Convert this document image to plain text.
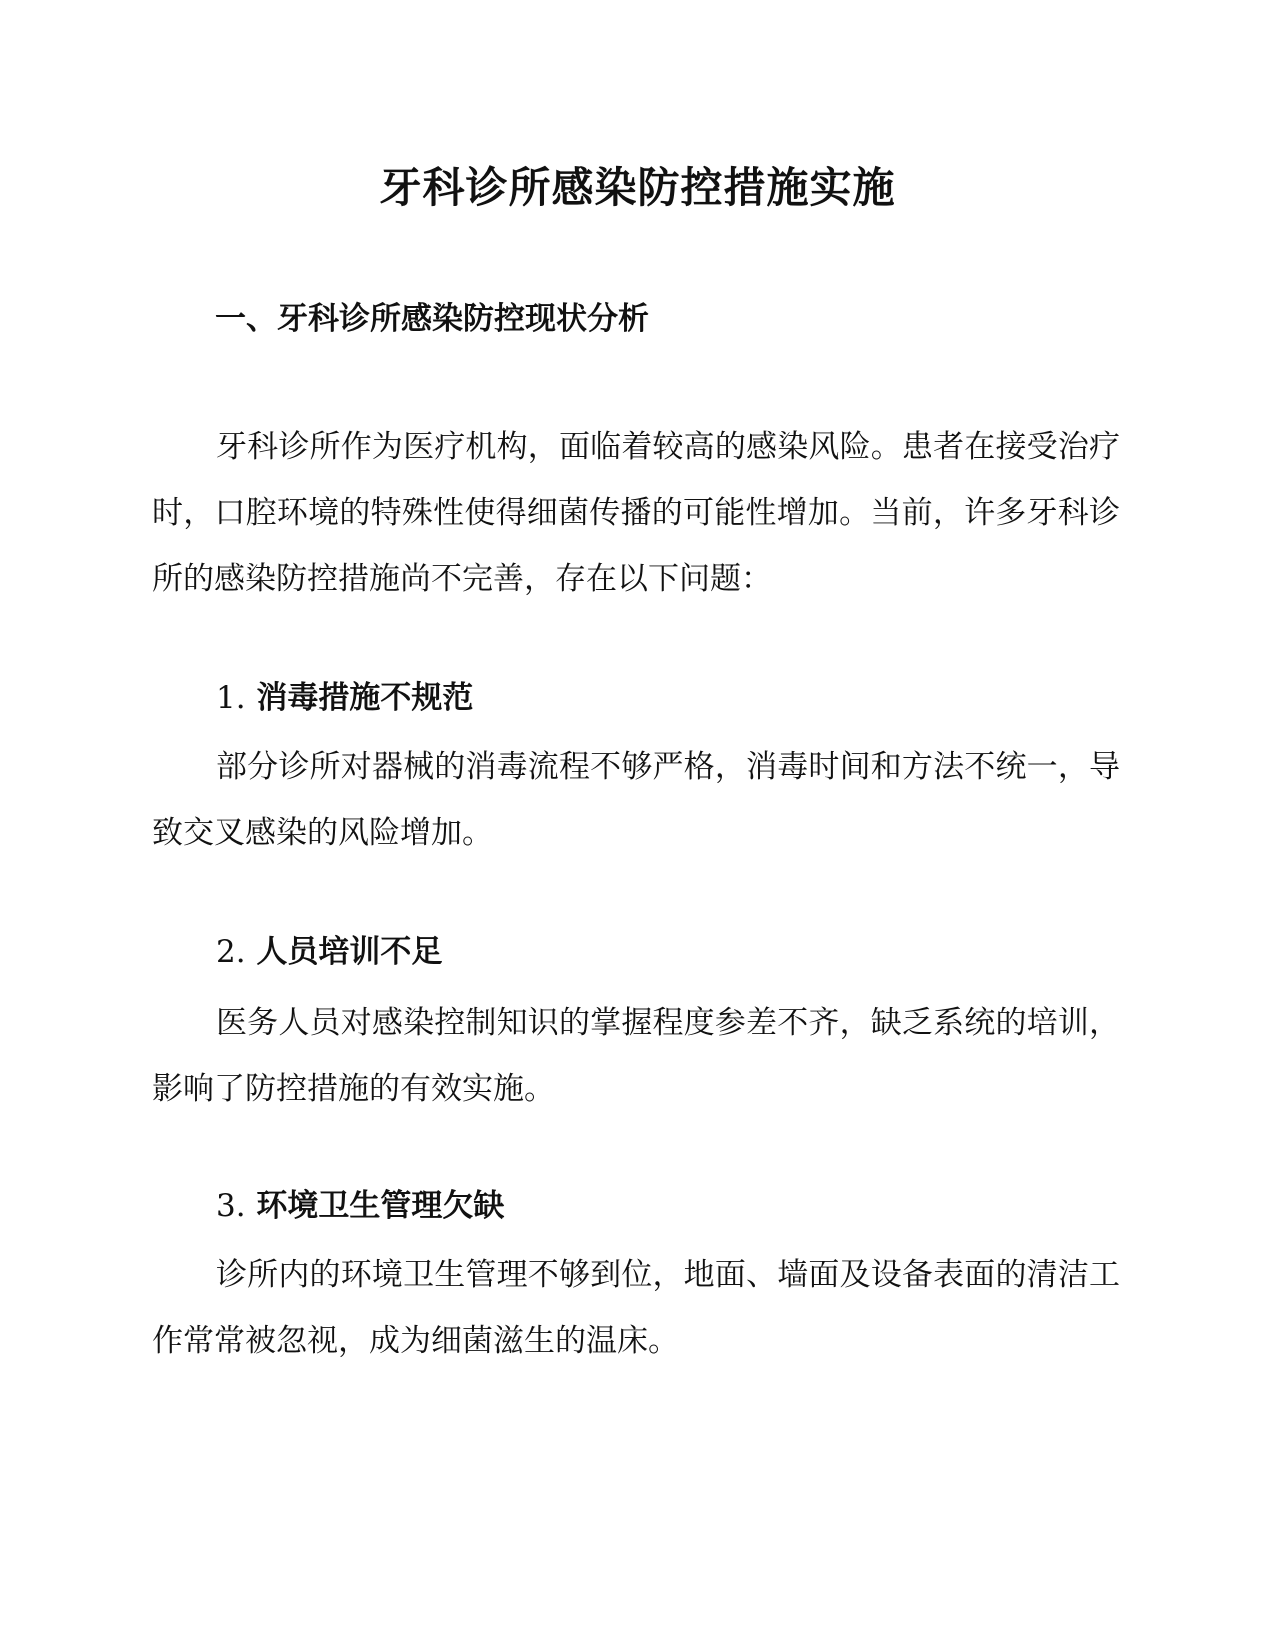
牙科诊所感染防控措施实施
一、牙科诊所感染防控现状分析
牙科诊所作为医疗机构，面临着较高的感染风险。患者在接受治疗时，口腔环境的特殊性使得细菌传播的可能性增加。当前，许多牙科诊所的感染防控措施尚不完善，存在以下问题：
1. 消毒措施不规范
部分诊所对器械的消毒流程不够严格，消毒时间和方法不统一，导致交叉感染的风险增加。
2. 人员培训不足
医务人员对感染控制知识的掌握程度参差不齐，缺乏系统的培训，影响了防控措施的有效实施。
3. 环境卫生管理欠缺
诊所内的环境卫生管理不够到位，地面、墙面及设备表面的清洁工作常常被忽视，成为细菌滋生的温床。
